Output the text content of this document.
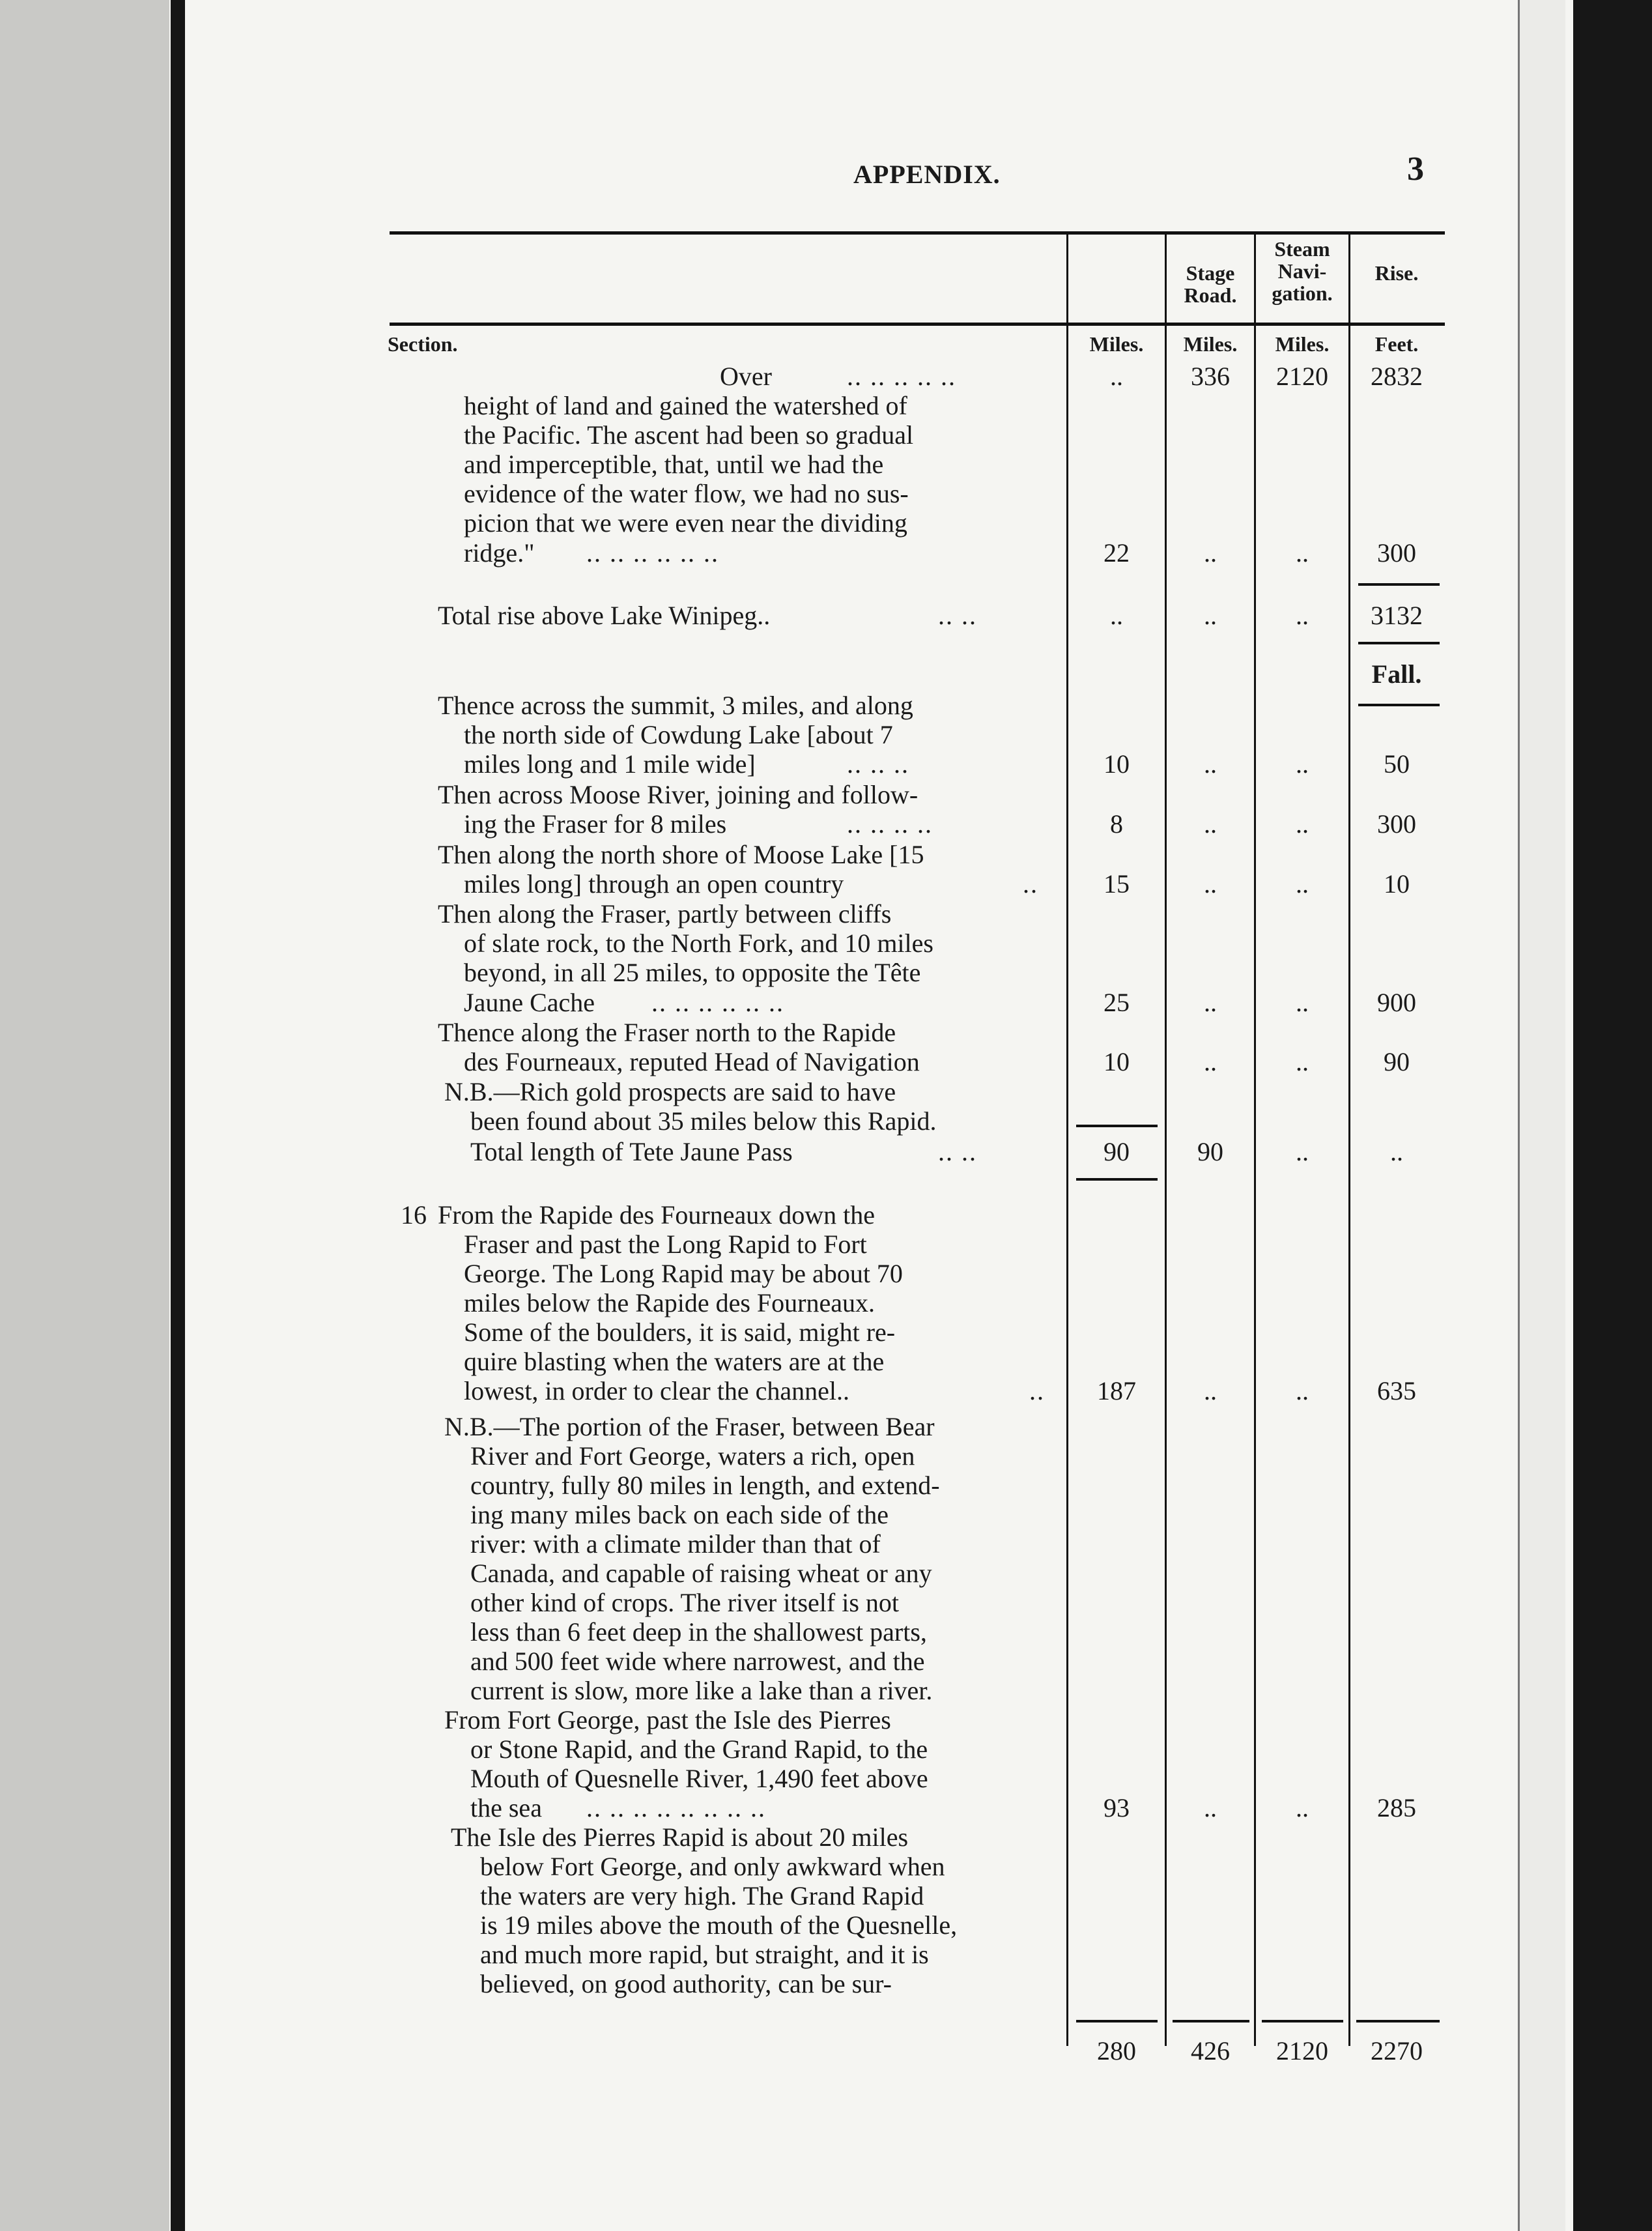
APPENDIX.	3
Stage Road.
Steam Navi-gation.
Rise.
Section.	Miles.	Miles.	Miles.	Feet.
Over	.. .. .. .. ..	..	336	2120	2832
height of land and gained the watershed of
the Pacific. The ascent had been so gradual
and imperceptible, that, until we had the
evidence of the water flow, we had no sus-
picion that we were even near the dividing
ridge." .. .. .. .. .. ..	22	..	..	300
Total rise above Lake Winipeg..	.. ..	..	..	..	3132
Fall.
Thence across the summit, 3 miles, and along
the north side of Cowdung Lake [about 7
miles long and 1 mile wide]	.. .. ..	10	..	..	50
Then across Moose River, joining and follow-
ing the Fraser for 8 miles	.. .. .. ..	8	..	..	300
Then along the north shore of Moose Lake [15
miles long] through an open country	..	15	..	..	10
Then along the Fraser, partly between cliffs
of slate rock, to the North Fork, and 10 miles
beyond, in all 25 miles, to opposite the Tête
Jaune Cache .. .. .. .. .. ..	25	..	..	900
Thence along the Fraser north to the Rapide
des Fourneaux, reputed Head of Navigation	10	..	..	90
N.B.—Rich gold prospects are said to have
been found about 35 miles below this Rapid.
Total length of Tete Jaune Pass	.. ..	90	90	..	..
16 From the Rapide des Fourneaux down the
Fraser and past the Long Rapid to Fort
George. The Long Rapid may be about 70
miles below the Rapide des Fourneaux.
Some of the boulders, it is said, might re-
quire blasting when the waters are at the
lowest, in order to clear the channel..	..	187	..	..	635
N.B.—The portion of the Fraser, between Bear
River and Fort George, waters a rich, open
country, fully 80 miles in length, and extend-
ing many miles back on each side of the
river: with a climate milder than that of
Canada, and capable of raising wheat or any
other kind of crops. The river itself is not
less than 6 feet deep in the shallowest parts,
and 500 feet wide where narrowest, and the
current is slow, more like a lake than a river.
From Fort George, past the Isle des Pierres
or Stone Rapid, and the Grand Rapid, to the
Mouth of Quesnelle River, 1,490 feet above
the sea .. .. .. .. .. .. .. ..	93	..	..	285
The Isle des Pierres Rapid is about 20 miles
below Fort George, and only awkward when
the waters are very high. The Grand Rapid
is 19 miles above the mouth of the Quesnelle,
and much more rapid, but straight, and it is
believed, on good authority, can be sur-
280	426	2120	2270
